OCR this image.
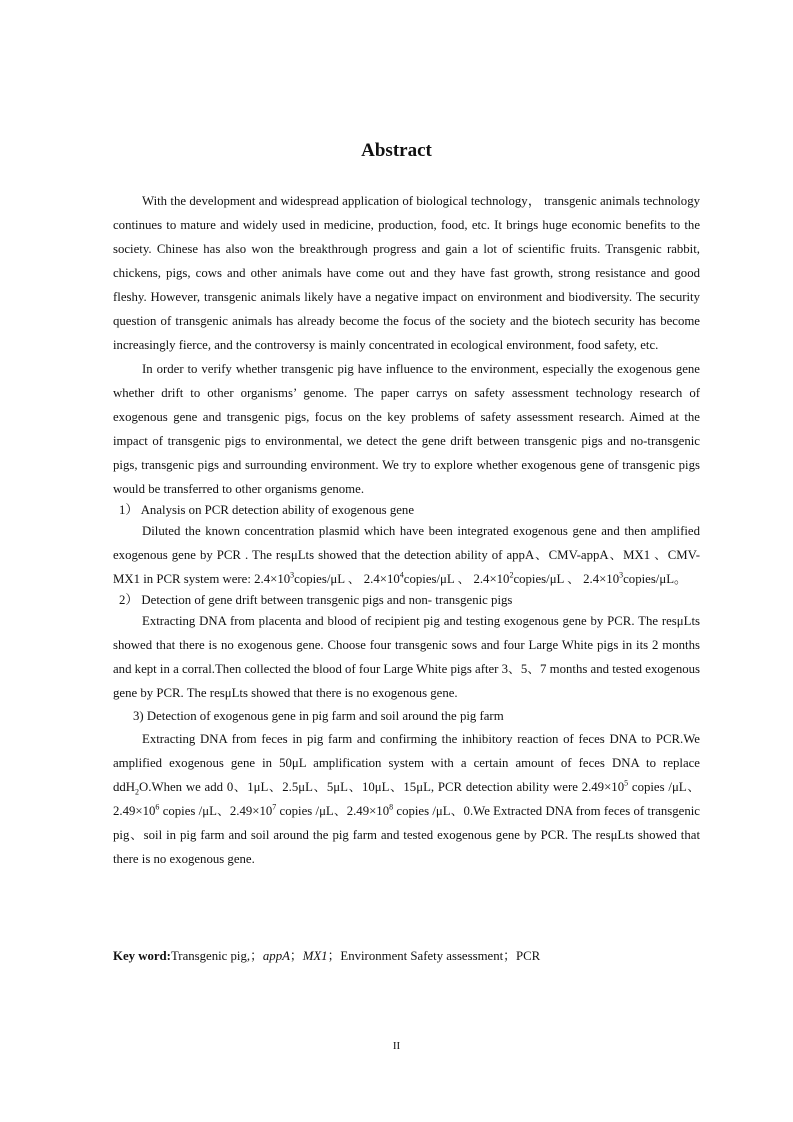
Abstract

With the development and widespread application of biological technology， transgenic animals technology continues to mature and widely used in medicine, production, food, etc. It brings huge economic benefits to the society. Chinese has also won the breakthrough progress and gain a lot of scientific fruits. Transgenic rabbit, chickens, pigs, cows and other animals have come out and they have fast growth, strong resistance and good fleshy. However, transgenic animals likely have a negative impact on environment and biodiversity. The security question of transgenic animals has already become the focus of the society and the biotech security has become increasingly fierce, and the controversy is mainly concentrated in ecological environment, food safety, etc.

In order to verify whether transgenic pig have influence to the environment, especially the exogenous gene whether drift to other organisms’ genome. The paper carrys on safety assessment technology research of exogenous gene and transgenic pigs, focus on the key problems of safety assessment research. Aimed at the impact of transgenic pigs to environmental, we detect the gene drift between transgenic pigs and no-transgenic pigs, transgenic pigs and surrounding environment. We try to explore whether exogenous gene of transgenic pigs would be transferred to other organisms genome.

1） Analysis on PCR detection ability of exogenous gene

Diluted the known concentration plasmid which have been integrated exogenous gene and then amplified exogenous gene by PCR . The resμLts showed that the detection ability of appA、CMV-appA、MX1 、CMV-MX1 in PCR system were: $2.4\times 10^3copies/\mu L$ 、 $2.4\times 10^4copies/\mu L$ 、 $2.4\times 10^2copies/\mu L$ 、 $2.4\times 10^3copies/\mu L$。

2） Detection of gene drift between transgenic pigs and non- transgenic pigs

Extracting DNA from placenta and blood of recipient pig and testing exogenous gene by PCR. The resμLts showed that there is no exogenous gene. Choose four transgenic sows and four Large White pigs in its 2 months and kept in a corral.Then collected the blood of four Large White pigs after 3、5、7 months and tested exogenous gene by PCR. The resμLts showed that there is no exogenous gene.

3) Detection of exogenous gene in pig farm and soil around the pig farm

Extracting DNA from feces in pig farm and confirming the inhibitory reaction of feces DNA to PCR.We amplified exogenous gene in 50μL amplification system with a certain amount of feces DNA to replace ddH$_2$O.When we add 0、1μL、2.5μL、5μL、10μL、15μL, PCR detection ability were $2.49\times 10^5$ copies /μL、$2.49\times 10^6$ copies /μL、$2.49\times 10^7$ copies /μL、$2.49\times 10^8$ copies /μL、0.We Extracted DNA from feces of transgenic pig、soil in pig farm and soil around the pig farm and tested exogenous gene by PCR. The resμLts showed that there is no exogenous gene.

Key word:Transgenic pig,；appA；MX1；Environment Safety assessment；PCR
II
